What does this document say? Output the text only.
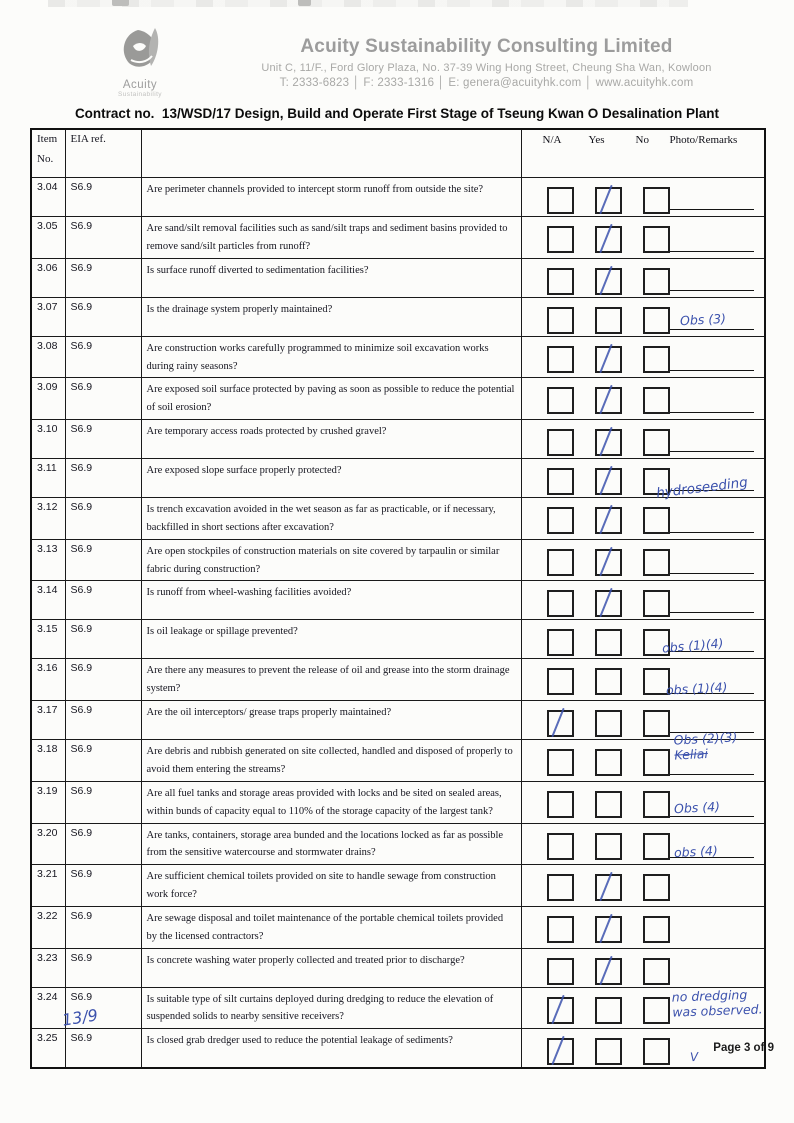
Acuity
Sustainability
Acuity Sustainability Consulting Limited
Unit C, 11/F., Ford Glory Plaza, No. 37-39 Wing Hong Street, Cheung Sha Wan, Kowloon
T: 2333-6823 │ F: 2333-1316 │ E: genera@acuityhk.com │ www.acuityhk.com
Contract no.  13/WSD/17 Design, Build and Operate First Stage of Tseung Kwan O Desalination Plant
Item
No.
	EIA ref.		N/A Yes	No Photo/Remarks

3.04	S6.9	Are perimeter channels provided to intercept storm runoff from outside the site?	

3.05	S6.9	Are sand/silt removal facilities such as sand/silt traps and sediment basins provided to remove sand/silt particles from runoff?	

3.06	S6.9	Is surface runoff diverted to sedimentation facilities?	

3.07	S6.9	Is the drainage system properly maintained?	Obs (3)

3.08	S6.9	Are construction works carefully programmed to minimize soil excavation works during rainy seasons?	

3.09	S6.9	Are exposed soil surface protected by paving as soon as possible to reduce the potential of soil erosion?	

3.10	S6.9	Are temporary access roads protected by crushed gravel?	

3.11	S6.9	Are exposed slope surface properly protected?	hydroseeding

3.12	S6.9	Is trench excavation avoided in the wet season as far as practicable, or if necessary, backfilled in short sections after excavation?	

3.13	S6.9	Are open stockpiles of construction materials on site covered by tarpaulin or similar fabric during construction?	

3.14	S6.9	Is runoff from wheel-washing facilities avoided?	

3.15	S6.9	Is oil leakage or spillage prevented?	obs (1)(4)

3.16	S6.9	Are there any measures to prevent the release of oil and grease into the storm drainage system?	obs (1)(4)

3.17	S6.9	Are the oil interceptors/ grease traps properly maintained?	

3.18	S6.9	Are debris and rubbish generated on site collected, handled and disposed of properly to avoid them entering the streams?	Obs (2)(3)
Keliai

3.19	S6.9	Are all fuel tanks and storage areas provided with locks and be sited on sealed areas, within bunds of capacity equal to 110% of the storage capacity of the largest tank?	Obs (4)

3.20	S6.9	Are tanks, containers, storage area bunded and the locations locked as far as possible from the sensitive watercourse and stormwater drains?	obs (4)

3.21	S6.9	Are sufficient chemical toilets provided on site to handle sewage from construction work force?	

3.22	S6.9	Are sewage disposal and toilet maintenance of the portable chemical toilets provided by the licensed contractors?	

3.23	S6.9	Is concrete washing water properly collected and treated prior to discharge?	

3.24	S6.9	Is suitable type of silt curtains deployed during dredging to reduce the elevation of suspended solids to nearby sensitive receivers?	no dredging
was observed.

3.25	S6.9	Is closed grab dredger used to reduce the potential leakage of sediments?	V
13/9
Page 3 of 9
